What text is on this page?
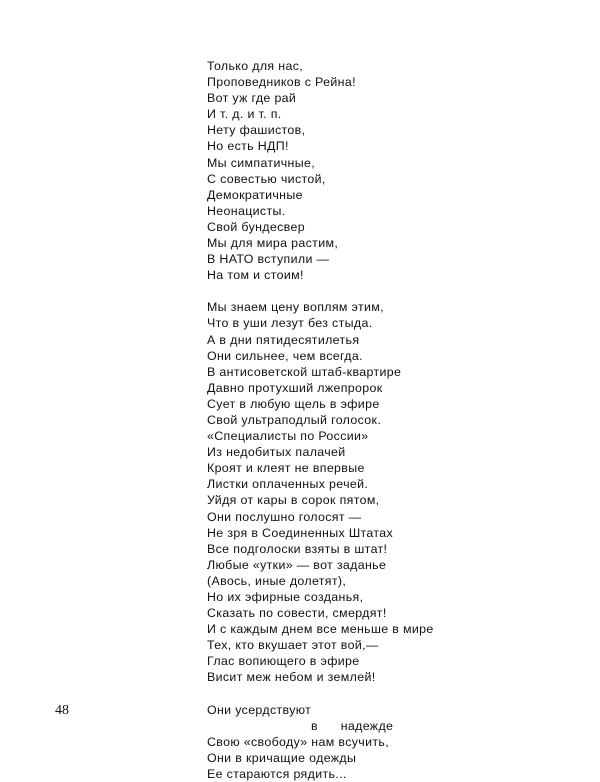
Только для нас,
Проповедников с Рейна!
Вот уж где рай
И т. д. и т. п.
Нету фашистов,
Но есть НДП!
Мы симпатичные,
С совестью чистой,
Демократичные
Неонацисты.
Свой бундесвер
Мы для мира растим,
В НАТО вступили —
На том и стоим!
Мы знаем цену воплям этим,
Что в уши лезут без стыда.
А в дни пятидесятилетья
Они сильнее, чем всегда.
В антисоветской штаб-квартире
Давно протухший лжепророк
Сует в любую щель в эфире
Свой ультраподлый голосок.
«Специалисты по России»
Из недобитых палачей
Кроят и клеят не впервые
Листки оплаченных речей.
Уйдя от кары в сорок пятом,
Они послушно голосят —
Не зря в Соединенных Штатах
Все подголоски взяты в штат!
Любые «утки» — вот заданье
(Авось, иные долетят),
Но их эфирные созданья,
Сказать по совести, смердят!
И с каждым днем все меньше в мире
Тех, кто вкушает этот вой,—
Глас вопиющего в эфире
Висит меж небом и землей!
Они усердствуют
в      надежде
Свою «свободу» нам всучить,
Они в кричащие одежды
Ее стараются рядить...
48
